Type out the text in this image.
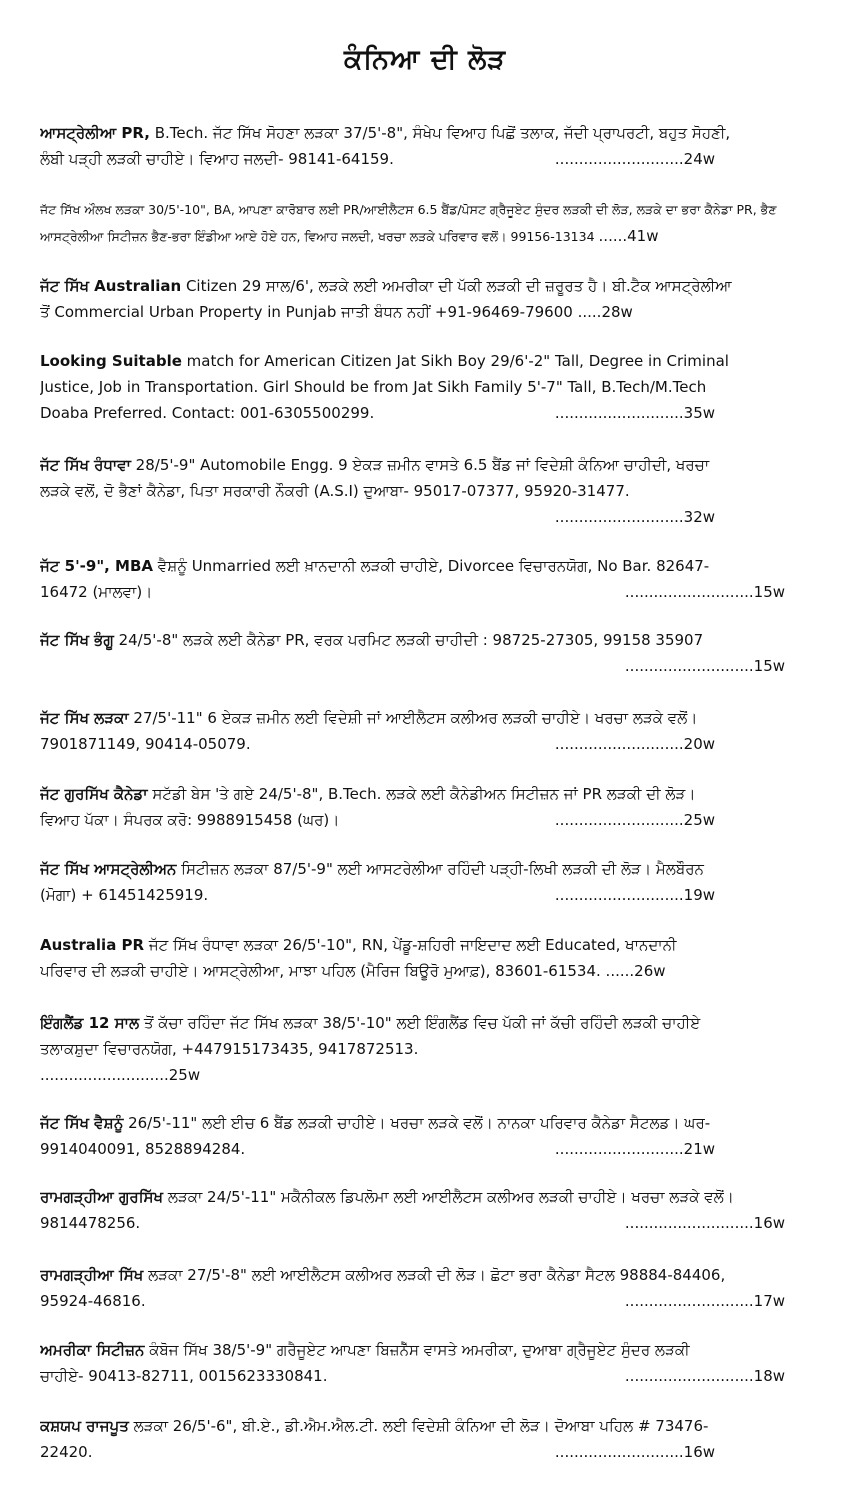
ਕੰਨਿਆ ਦੀ ਲੋੜ
ਆਸਟ੍ਰੇਲੀਆ PR, B.Tech. ਜੱਟ ਸਿੱਖ ਸੋਹਣਾ ਲੜਕਾ 37/5'-8", ਸੰਖੇਪ ਵਿਆਹ ਪਿਛੋਂ ਤਲਾਕ, ਜੱਦੀ ਪ੍ਰਾਪਰਟੀ, ਬਹੁਤ ਸੋਹਣੀ,
ਲੰਬੀ ਪੜ੍ਹੀ ਲੜਕੀ ਚਾਹੀਏ। ਵਿਆਹ ਜਲਦੀ- 98141-64159.	...........................24w
ਜੱਟ ਸਿੱਖ ਔਲਖ ਲੜਕਾ 30/5'-10", BA, ਆਪਣਾ ਕਾਰੋਬਾਰ ਲਈ PR/ਆਈਲੈਟਸ 6.5 ਬੈਂਡ/ਪੋਸਟ ਗ੍ਰੈਜੂਏਟ ਸੁੰਦਰ ਲੜਕੀ ਦੀ ਲੋੜ, ਲੜਕੇ ਦਾ ਭਰਾ ਕੈਨੇਡਾ PR, ਭੈਣ
ਆਸਟ੍ਰੇਲੀਆ ਸਿਟੀਜ਼ਨ ਭੈਣ-ਭਰਾ ਇੰਡੀਆ ਆਏ ਹੋਏ ਹਨ, ਵਿਆਹ ਜਲਦੀ, ਖਰਚਾ ਲੜਕੇ ਪਰਿਵਾਰ ਵਲੋਂ। 99156-13134 ......41w
ਜੱਟ ਸਿੱਖ Australian Citizen 29 ਸਾਲ/6', ਲੜਕੇ ਲਈ ਅਮਰੀਕਾ ਦੀ ਪੱਕੀ ਲੜਕੀ ਦੀ ਜ਼ਰੂਰਤ ਹੈ। ਬੀ.ਟੈਕ ਆਸਟ੍ਰੇਲੀਆ
ਤੋਂ Commercial Urban Property in Punjab ਜਾਤੀ ਬੰਧਨ ਨਹੀਂ +91-96469-79600 .....28w
Looking Suitable match for American Citizen Jat Sikh Boy 29/6'-2" Tall, Degree in Criminal
Justice, Job in Transportation. Girl Should be from Jat Sikh Family 5'-7" Tall, B.Tech/M.Tech
Doaba Preferred. Contact: 001-6305500299.	...........................35w
ਜੱਟ ਸਿੱਖ ਰੰਧਾਵਾ 28/5'-9" Automobile Engg. 9 ਏਕੜ ਜ਼ਮੀਨ ਵਾਸਤੇ 6.5 ਬੈਂਡ ਜਾਂ ਵਿਦੇਸ਼ੀ ਕੰਨਿਆ ਚਾਹੀਦੀ, ਖਰਚਾ
ਲੜਕੇ ਵਲੋਂ, ਦੋ ਭੈਣਾਂ ਕੈਨੇਡਾ, ਪਿਤਾ ਸਰਕਾਰੀ ਨੌਕਰੀ (A.S.I) ਦੁਆਬਾ- 95017-07377, 95920-31477.

...........................32w
ਜੱਟ 5'-9", MBA ਵੈਸ਼ਨੂੰ Unmarried ਲਈ ਖ਼ਾਨਦਾਨੀ ਲੜਕੀ ਚਾਹੀਏ, Divorcee ਵਿਚਾਰਨਯੋਗ, No Bar. 82647-
16472 (ਮਾਲਵਾ)।	...........................15w
ਜੱਟ ਸਿੱਖ ਭੰਗੂ 24/5'-8" ਲੜਕੇ ਲਈ ਕੈਨੇਡਾ PR, ਵਰਕ ਪਰਮਿਟ ਲੜਕੀ ਚਾਹੀਦੀ : 98725-27305, 99158 35907

...........................15w
ਜੱਟ ਸਿੱਖ ਲੜਕਾ 27/5'-11" 6 ਏਕੜ ਜ਼ਮੀਨ ਲਈ ਵਿਦੇਸ਼ੀ ਜਾਂ ਆਈਲੈਟਸ ਕਲੀਅਰ ਲੜਕੀ ਚਾਹੀਏ। ਖਰਚਾ ਲੜਕੇ ਵਲੋਂ।
7901871149, 90414-05079.	...........................20w
ਜੱਟ ਗੁਰਸਿੱਖ ਕੈਨੇਡਾ ਸਟੱਡੀ ਬੇਸ 'ਤੇ ਗਏ 24/5'-8", B.Tech. ਲੜਕੇ ਲਈ ਕੈਨੇਡੀਅਨ ਸਿਟੀਜ਼ਨ ਜਾਂ PR ਲੜਕੀ ਦੀ ਲੋੜ।
ਵਿਆਹ ਪੱਕਾ। ਸੰਪਰਕ ਕਰੋ: 9988915458 (ਘਰ)।	...........................25w
ਜੱਟ ਸਿੱਖ ਆਸਟ੍ਰੇਲੀਅਨ ਸਿਟੀਜ਼ਨ ਲੜਕਾ 87/5'-9" ਲਈ ਆਸਟਰੇਲੀਆ ਰਹਿੰਦੀ ਪੜ੍ਹੀ-ਲਿਖੀ ਲੜਕੀ ਦੀ ਲੋੜ। ਮੈਲਬੌਰਨ
(ਮੋਗਾ) + 61451425919.	...........................19w
Australia PR ਜੱਟ ਸਿੱਖ ਰੰਧਾਵਾ ਲੜਕਾ 26/5'-10", RN, ਪੇਂਡੂ-ਸ਼ਹਿਰੀ ਜਾਇਦਾਦ ਲਈ Educated, ਖਾਨਦਾਨੀ
ਪਰਿਵਾਰ ਦੀ ਲੜਕੀ ਚਾਹੀਏ। ਆਸਟ੍ਰੇਲੀਆ, ਮਾਝਾ ਪਹਿਲ (ਮੈਰਿਜ ਬਿਊਰੋ ਮੁਆਫ਼), 83601-61534. ......26w
ਇੰਗਲੈਂਡ 12 ਸਾਲ ਤੋਂ ਕੱਚਾ ਰਹਿੰਦਾ ਜੱਟ ਸਿੱਖ ਲੜਕਾ 38/5'-10" ਲਈ ਇੰਗਲੈਂਡ ਵਿਚ ਪੱਕੀ ਜਾਂ ਕੱਚੀ ਰਹਿੰਦੀ ਲੜਕੀ ਚਾਹੀਏ
ਤਲਾਕਸ਼ੁਦਾ ਵਿਚਾਰਨਯੋਗ, +447915173435, 9417872513.
...........................25w
ਜੱਟ ਸਿੱਖ ਵੈਸ਼ਨੂੰ 26/5'-11" ਲਈ ਈਚ 6 ਬੈਂਡ ਲੜਕੀ ਚਾਹੀਏ। ਖਰਚਾ ਲੜਕੇ ਵਲੋਂ। ਨਾਨਕਾ ਪਰਿਵਾਰ ਕੈਨੇਡਾ ਸੈਟਲਡ। ਘਰ-
9914040091, 8528894284.	...........................21w
ਰਾਮਗੜ੍ਹੀਆ ਗੁਰਸਿੱਖ ਲੜਕਾ 24/5'-11" ਮਕੈਨੀਕਲ ਡਿਪਲੋਮਾ ਲਈ ਆਈਲੈਟਸ ਕਲੀਅਰ ਲੜਕੀ ਚਾਹੀਏ। ਖਰਚਾ ਲੜਕੇ ਵਲੋਂ।
9814478256.	...........................16w
ਰਾਮਗੜ੍ਹੀਆ ਸਿੱਖ ਲੜਕਾ 27/5'-8" ਲਈ ਆਈਲੈਟਸ ਕਲੀਅਰ ਲੜਕੀ ਦੀ ਲੋੜ। ਛੋਟਾ ਭਰਾ ਕੈਨੇਡਾ ਸੈਟਲ 98884-84406,
95924-46816.	...........................17w
ਅਮਰੀਕਾ ਸਿਟੀਜ਼ਨ ਕੰਬੋਜ ਸਿੱਖ 38/5'-9" ਗਰੈਜੂਏਟ ਆਪਣਾ ਬਿਜ਼ਨੈੱਸ ਵਾਸਤੇ ਅਮਰੀਕਾ, ਦੁਆਬਾ ਗ੍ਰੈਜੂਏਟ ਸੁੰਦਰ ਲੜਕੀ
ਚਾਹੀਏ- 90413-82711, 0015623330841.	...........................18w
ਕਸ਼ਯਪ ਰਾਜਪੂਤ ਲੜਕਾ 26/5'-6", ਬੀ.ਏ., ਡੀ.ਐਮ.ਐਲ.ਟੀ. ਲਈ ਵਿਦੇਸ਼ੀ ਕੰਨਿਆ ਦੀ ਲੋੜ। ਦੋਆਬਾ ਪਹਿਲ # 73476-
22420.	...........................16w
